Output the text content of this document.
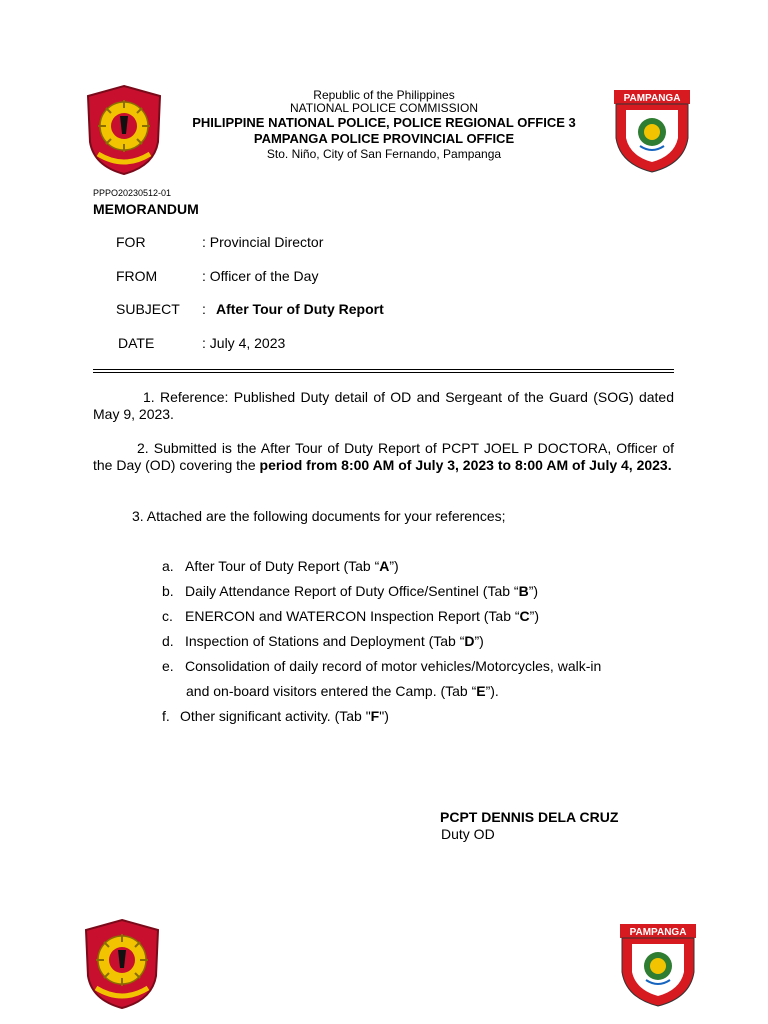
PAMPANGA
Republic of the Philippines
NATIONAL POLICE COMMISSION
PHILIPPINE NATIONAL POLICE, POLICE REGIONAL OFFICE 3
PAMPANGA POLICE PROVINCIAL OFFICE
Sto. Niño, City of San Fernando, Pampanga
PPPO20230512-01
MEMORANDUM
FOR	: Provincial Director
FROM	: Officer of the Day
SUBJECT : After Tour of Duty Report
DATE	: July 4, 2023
1. Reference: Published Duty detail of OD and Sergeant of the Guard (SOG) dated May 9, 2023.
2. Submitted is the After Tour of Duty Report of PCPT JOEL P DOCTORA, Officer of the Day (OD) covering the period from 8:00 AM of July 3, 2023 to 8:00 AM of July 4, 2023.
3. Attached are the following documents for your references;
a. After Tour of Duty Report (Tab “A”)
b. Daily Attendance Report of Duty Office/Sentinel (Tab “B”)
c. ENERCON and WATERCON Inspection Report (Tab “C”)
d. Inspection of Stations and Deployment (Tab “D”)
e. Consolidation of daily record of motor vehicles/Motorcycles, walk-in
and on-board visitors entered the Camp. (Tab “E”).
f. Other significant activity. (Tab "F")
PCPT DENNIS DELA CRUZ
Duty OD
PAMPANGA
